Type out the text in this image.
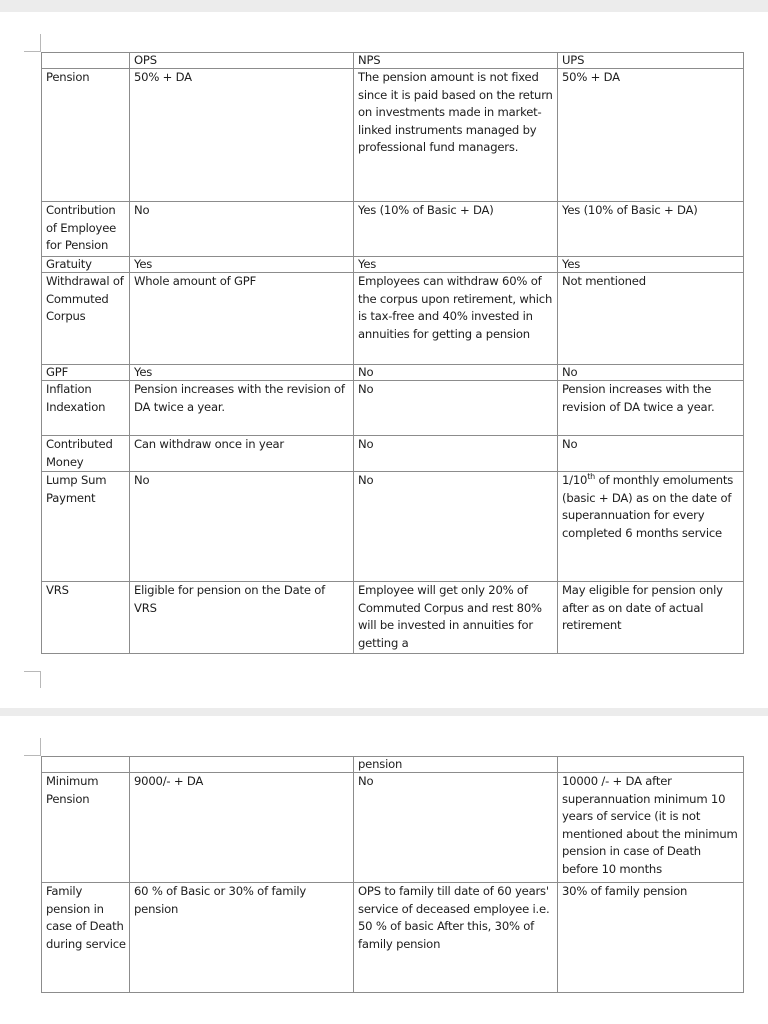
	OPS	NPS	UPS
Pension	50% + DA	The pension amount is not fixed since it is paid based on the return on investments made in market-linked instruments managed by professional fund managers.	50% + DA
Contribution of Employee for Pension	No	Yes (10% of Basic + DA)	Yes (10% of Basic + DA)
Gratuity	Yes	Yes	Yes
Withdrawal of Commuted Corpus	Whole amount of GPF	Employees can withdraw 60% of the corpus upon retirement, which is tax-free and 40% invested in annuities for getting a pension	Not mentioned
GPF	Yes	No	No
Inflation Indexation	Pension increases with the revision of DA twice a year.	No	Pension increases with the revision of DA twice a year.
Contributed Money	Can withdraw once in year	No	No
Lump Sum Payment	No	No	1/10th of monthly emoluments (basic + DA) as on the date of superannuation for every completed 6 months service
VRS	Eligible for pension on the Date of VRS	Employee will get only 20% of Commuted Corpus and rest 80% will be invested in annuities for getting a	May eligible for pension only after as on date of actual retirement
		pension	
Minimum Pension	9000/- + DA	No	10000 /- + DA after superannuation minimum 10 years of service (it is not mentioned about the minimum pension in case of Death before 10 months
Family pension in case of Death during service	60 % of Basic or 30% of family pension	OPS to family till date of 60 years' service of deceased employee i.e. 50 % of basic After this, 30% of family pension	30% of family pension
